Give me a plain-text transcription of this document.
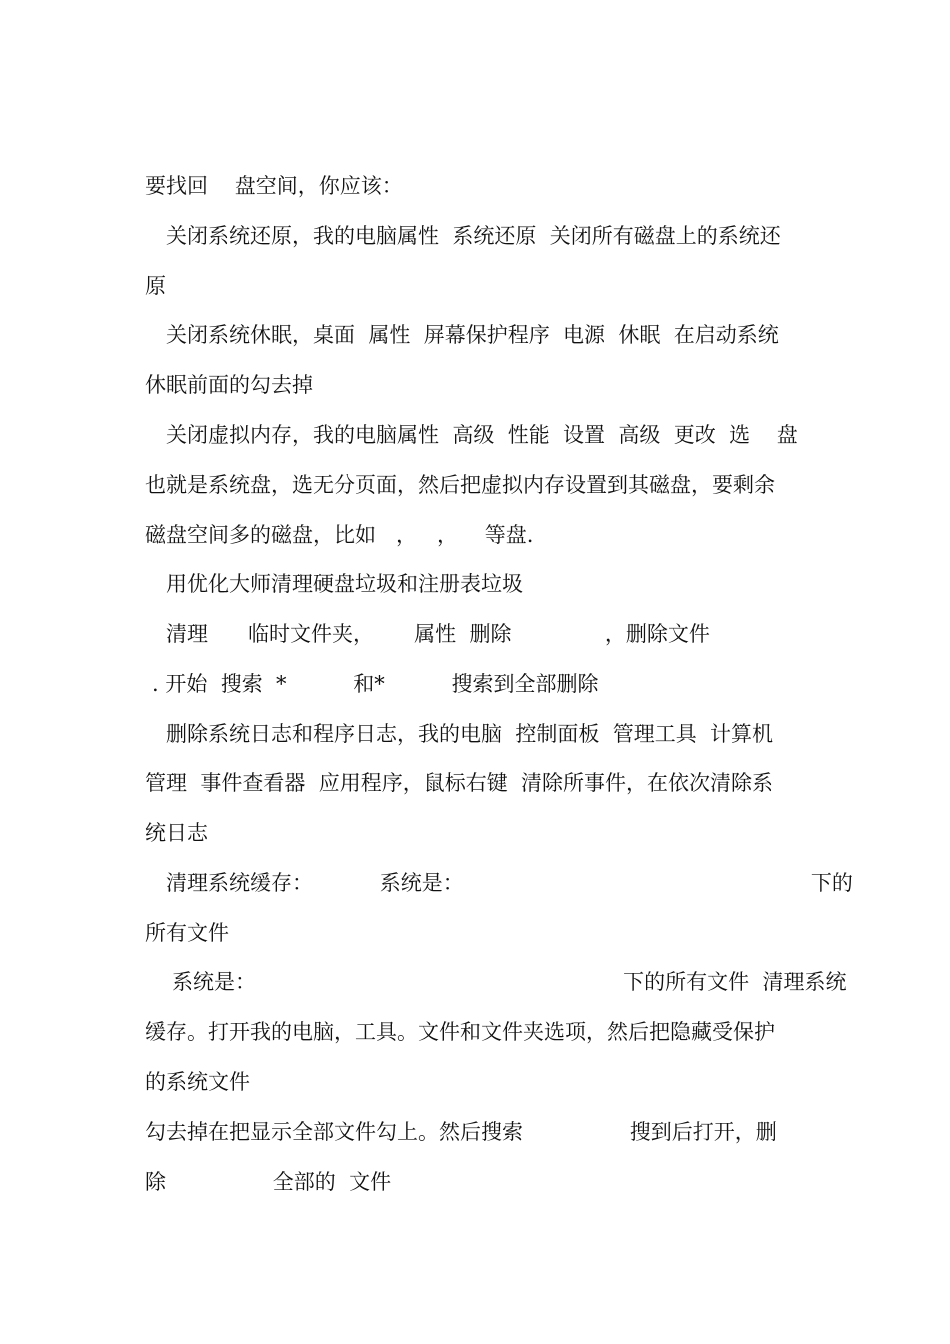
要找回    盘空间，你应该：
关闭系统还原，我的电脑属性  系统还原  关闭所有磁盘上的系统还
原
关闭系统休眠，桌面  属性  屏幕保护程序  电源  休眠  在启动系统
休眠前面的勾去掉
关闭虚拟内存，我的电脑属性  高级  性能  设置  高级  更改  选    盘
也就是系统盘，选无分页面，然后把虚拟内存设置到其磁盘，要剩余
磁盘空间多的磁盘，比如   ，   ，    等盘.
用优化大师清理硬盘垃圾和注册表垃圾
清理      临时文件夹，      属性  删除              ，删除文件
. 开始  搜索  *          和*          搜索到全部删除
删除系统日志和程序日志，我的电脑  控制面板  管理工具  计算机
管理  事件查看器  应用程序，鼠标右键  清除所事件，在依次清除系
统日志
清理系统缓存：          系统是：                                                    下的
所有文件
系统是：                                                       下的所有文件  清理系统
缓存。打开我的电脑，工具。文件和文件夹选项，然后把隐藏受保护
的系统文件
勾去掉在把显示全部文件勾上。然后搜索                搜到后打开，删
除                全部的  文件
